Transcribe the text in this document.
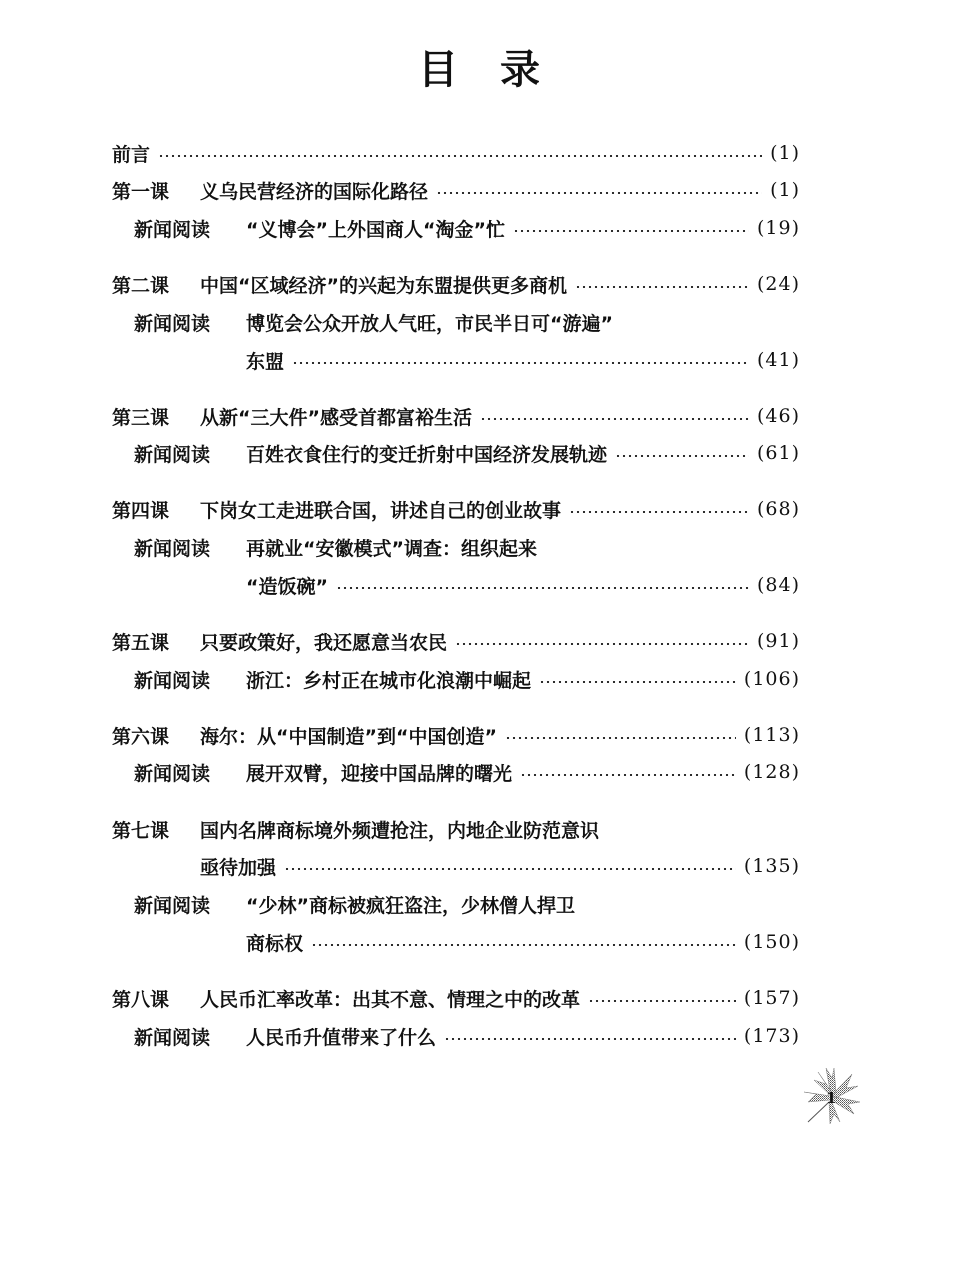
目录
前言	(1)
第一课	义乌民营经济的国际化路径	(1)
新闻阅读	“义博会”上外国商人“淘金”忙	(19)
第二课	中国“区域经济”的兴起为东盟提供更多商机	(24)
新闻阅读	博览会公众开放人气旺，市民半日可“游遍”
东盟	(41)
第三课	从新“三大件”感受首都富裕生活	(46)
新闻阅读	百姓衣食住行的变迁折射中国经济发展轨迹	(61)
第四课	下岗女工走进联合国，讲述自己的创业故事	(68)
新闻阅读	再就业“安徽模式”调查：组织起来
“造饭碗”	(84)
第五课	只要政策好，我还愿意当农民	(91)
新闻阅读	浙江：乡村正在城市化浪潮中崛起	(106)
第六课	海尔：从“中国制造”到“中国创造”	(113)
新闻阅读	展开双臂，迎接中国品牌的曙光	(128)
第七课	国内名牌商标境外频遭抢注，内地企业防范意识
亟待加强	(135)
新闻阅读	“少林”商标被疯狂盗注，少林僧人捍卫
商标权	(150)
第八课	人民币汇率改革：出其不意、情理之中的改革	(157)
新闻阅读	人民币升值带来了什么	(173)
1
